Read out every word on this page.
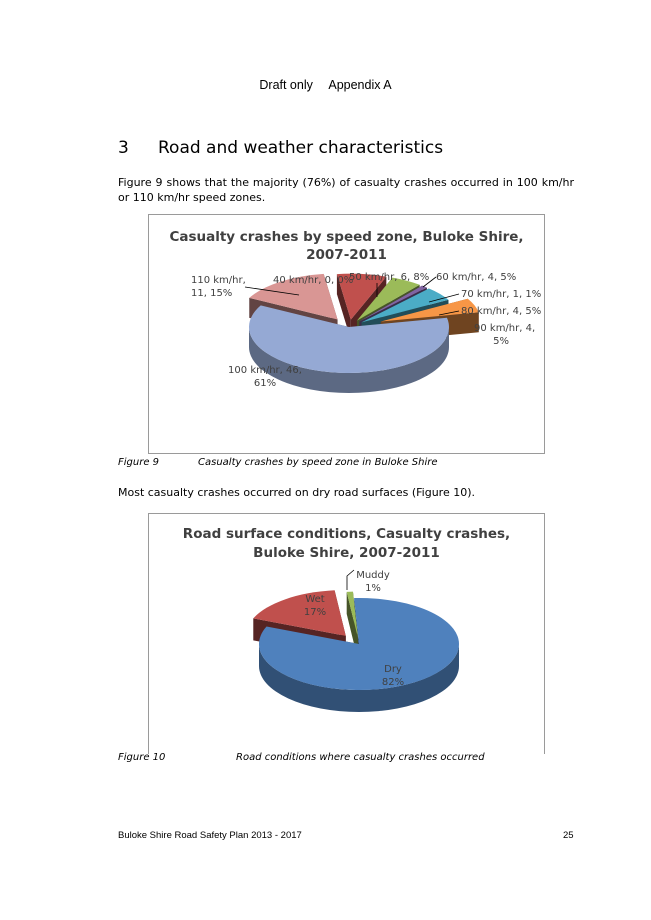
Draft only Appendix A
3 Road and weather characteristics
Figure 9 shows that the majority (76%) of casualty crashes occurred in 100 km/hr or 110 km/hr speed zones.
Casualty crashes by speed zone, Buloke Shire,
2007-2011
40 km/hr, 0, 0%
50 km/hr, 6, 8% 60 km/hr, 4, 5%
70 km/hr, 1, 1%
80 km/hr, 4, 5%
90 km/hr, 4,
5%
100 km/hr, 46,
61%
110 km/hr,
11, 15%
Figure 9	Casualty crashes by speed zone in Buloke Shire
Most casualty crashes occurred on dry road surfaces (Figure 10).
Road surface conditions, Casualty crashes,
Buloke Shire, 2007-2011
Dry
82%
Wet
17%
Muddy
1%
Figure 10	Road conditions where casualty crashes occurred
Buloke Shire Road Safety Plan 2013 - 2017	25
